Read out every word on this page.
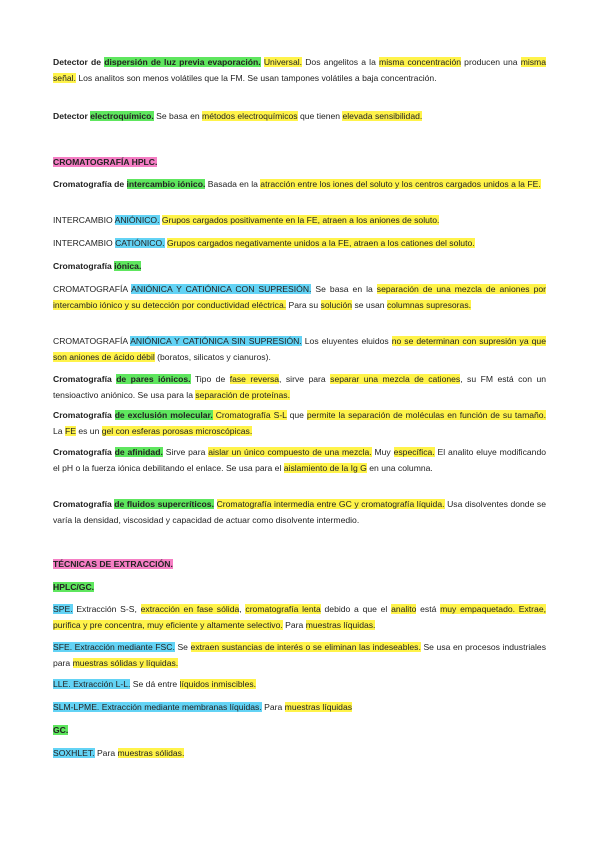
Detector de dispersión de luz previa evaporación. Universal. Dos angelitos a la misma concentración producen una misma señal. Los analitos son menos volátiles que la FM. Se usan tampones volátiles a baja concentración.

Detector electroquímico. Se basa en métodos electroquímicos que tienen elevada sensibilidad.

CROMATOGRAFÍA HPLC.

Cromatografía de intercambio iónico. Basada en la atracción entre los iones del soluto y los centros cargados unidos a la FE.

INTERCAMBIO ANIÓNICO. Grupos cargados positivamente en la FE, atraen a los aniones de soluto.

INTERCAMBIO CATIÓNICO. Grupos cargados negativamente unidos a la FE, atraen a los cationes del soluto.

Cromatografía iónica.

CROMATOGRAFÍA ANIÓNICA Y CATIÓNICA CON SUPRESIÓN. Se basa en la separación de una mezcla de aniones por intercambio iónico y su detección por conductividad eléctrica. Para su solución se usan columnas supresoras.

CROMATOGRAFÍA ANIÓNICA Y CATIÓNICA SIN SUPRESIÓN. Los eluyentes eluidos no se determinan con supresión ya que son aniones de ácido débil (boratos, silicatos y cianuros).

Cromatografía de pares iónicos. Tipo de fase reversa, sirve para separar una mezcla de cationes, su FM está con un tensioactivo aniónico. Se usa para la separación de proteínas.

Cromatografía de exclusión molecular. Cromatografía S-L que permite la separación de moléculas en función de su tamaño. La FE es un gel con esferas porosas microscópicas.

Cromatografía de afinidad. Sirve para aislar un único compuesto de una mezcla. Muy específica. El analito eluye modificando el pH o la fuerza iónica debilitando el enlace. Se usa para el aislamiento de la Ig G en una columna.

Cromatografía de fluidos supercríticos. Cromatografía intermedia entre GC y cromatografía líquida. Usa disolventes donde se varía la densidad, viscosidad y capacidad de actuar como disolvente intermedio.

TÉCNICAS DE EXTRACCIÓN.

HPLC/GC.

SPE. Extracción S-S, extracción en fase sólida, cromatografía lenta debido a que el analito está muy empaquetado. Extrae, purifica y pre concentra, muy eficiente y altamente selectivo. Para muestras líquidas.

SFE. Extracción mediante FSC. Se extraen sustancias de interés o se eliminan las indeseables. Se usa en procesos industriales para muestras sólidas y líquidas.

LLE. Extracción L-L. Se dá entre líquidos inmiscibles.

SLM-LPME. Extracción mediante membranas líquidas. Para muestras líquidas

GC.

SOXHLET. Para muestras sólidas.
